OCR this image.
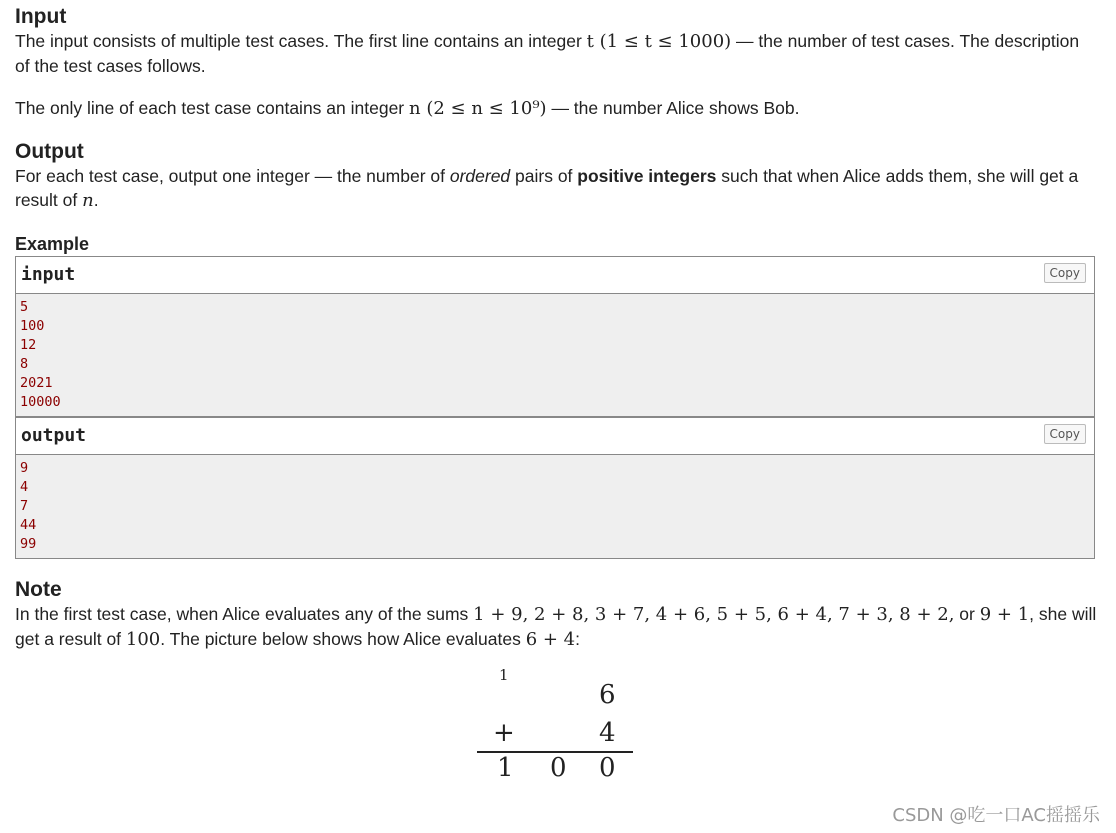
Input
The input consists of multiple test cases. The first line contains an integer t (1 ≤ t ≤ 1000) — the number of test cases. The description
of the test cases follows.
The only line of each test case contains an integer n (2 ≤ n ≤ 10⁹) — the number Alice shows Bob.
Output
For each test case, output one integer — the number of ordered pairs of positive integers such that when Alice adds them, she will get a
result of n.
Example
input	Copy
5
100
12
8
2021
10000
output	Copy
9
4
7
44
99
Note
In the first test case, when Alice evaluates any of the sums 1 + 9, 2 + 8, 3 + 7, 4 + 6, 5 + 5, 6 + 4, 7 + 3, 8 + 2, or 9 + 1, she will
get a result of 100. The picture below shows how Alice evaluates 6 + 4:
1
6
+	4
1 0 0
CSDN @吃一口AC摇摇乐
